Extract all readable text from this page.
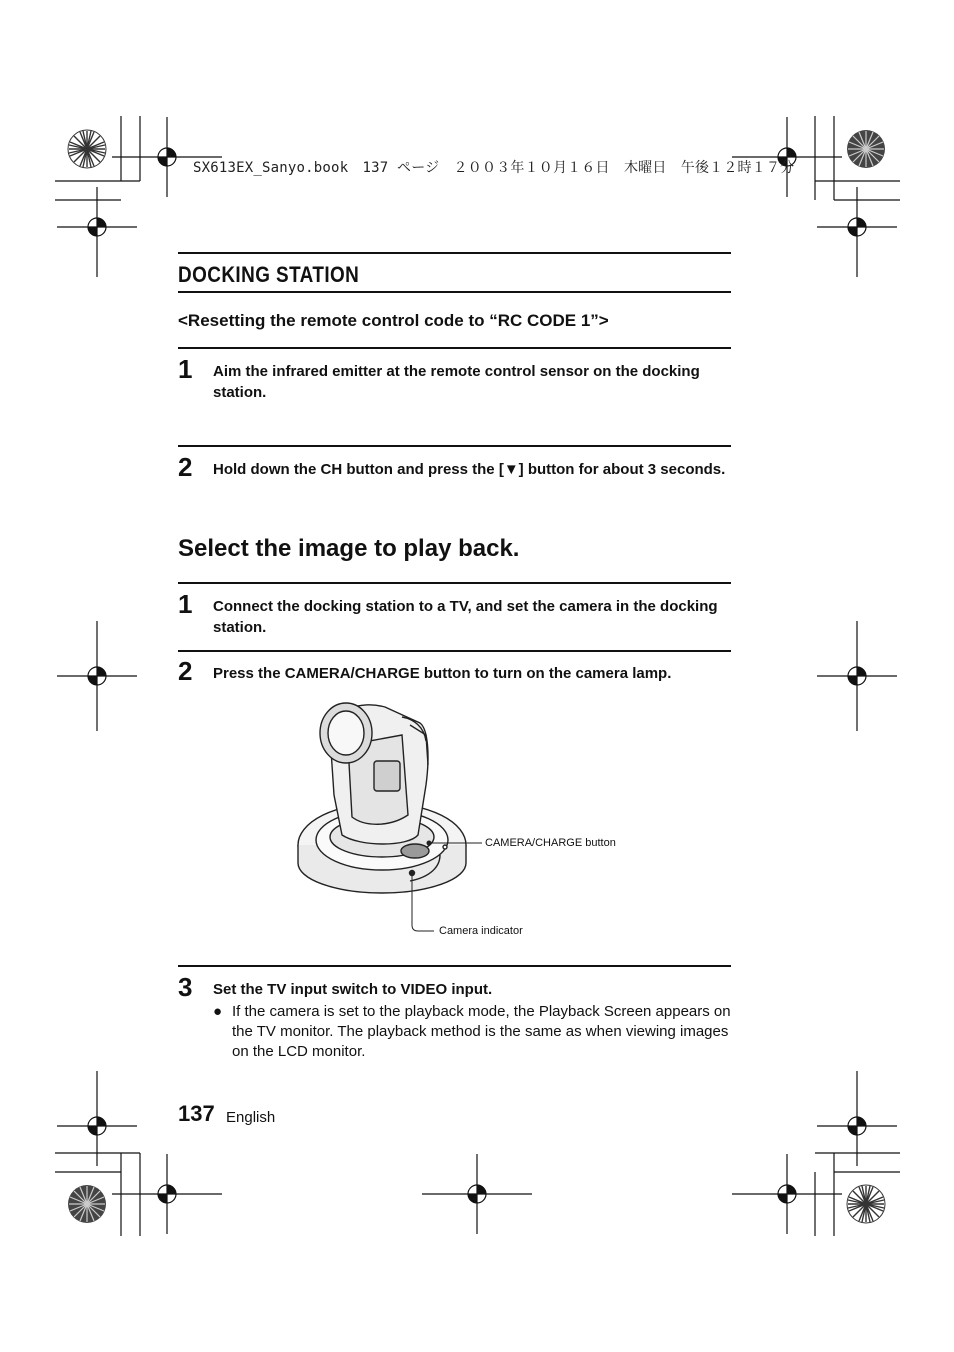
SX613EX_Sanyo.book　137 ページ　２００３年１０月１６日　木曜日　午後１２時１７分
DOCKING STATION
<Resetting the remote control code to “RC CODE 1”>
1 Aim the infrared emitter at the remote control sensor on the docking station.
2 Hold down the CH button and press the [▼] button for about 3 seconds.
Select the image to play back.
1 Connect the docking station to a TV, and set the camera in the docking station.
2 Press the CAMERA/CHARGE button to turn on the camera lamp.
CAMERA/CHARGE button
Camera indicator
3 Set the TV input switch to VIDEO input.
● If the camera is set to the playback mode, the Playback Screen appears on the TV monitor. The playback method is the same as when viewing images on the LCD monitor.
137 English
